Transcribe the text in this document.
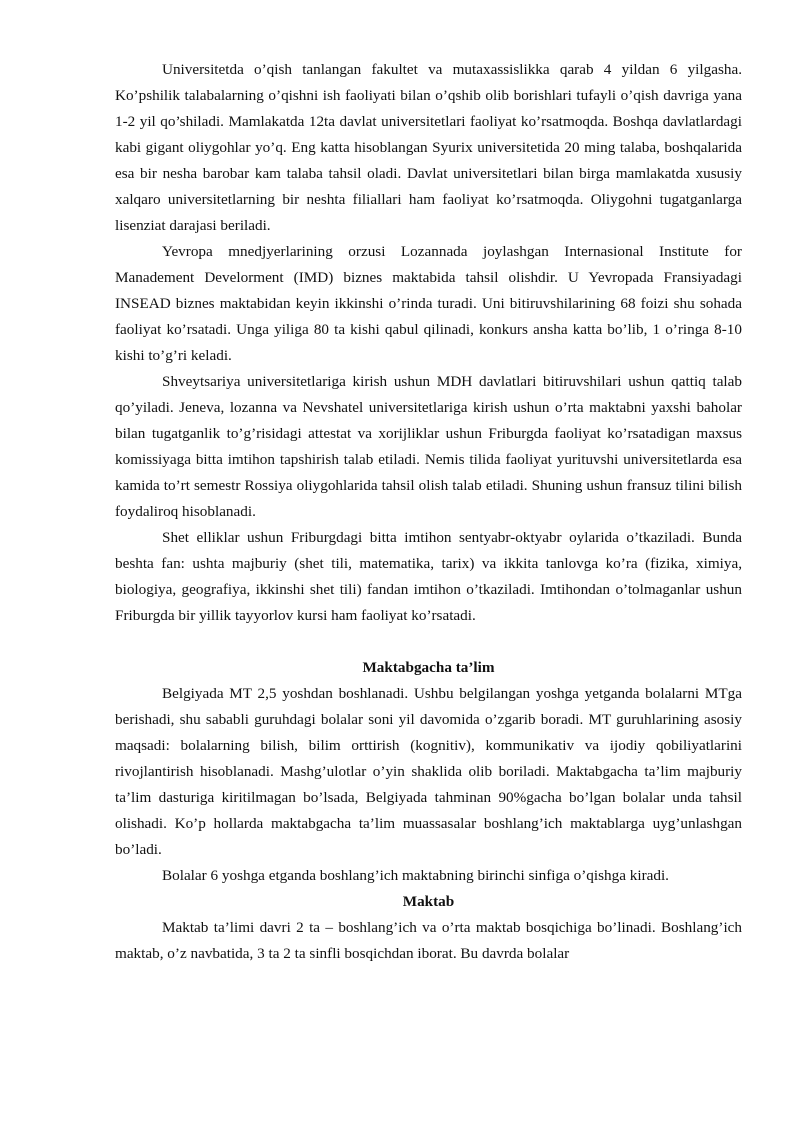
Universitetda o’qish tanlangan fakultet va mutaxassislikka qarab 4 yildan 6 yilgasha. Ko’pshilik talabalarning o’qishni ish faoliyati bilan o’qshib olib borishlari tufayli o’qish davriga yana 1-2 yil qo’shiladi. Mamlakatda 12ta davlat universitetlari faoliyat ko’rsatmoqda. Boshqa davlatlardagi kabi gigant oliygohlar yo’q. Eng katta hisoblangan Syurix universitetida 20 ming talaba, boshqalarida esa bir nesha barobar kam talaba tahsil oladi. Davlat universitetlari bilan birga mamlakatda xususiy xalqaro universitetlarning bir neshta filiallari ham faoliyat ko’rsatmoqda. Oliygohni tugatganlarga lisenziat darajasi beriladi.

Yevropa mnedjyerlarining orzusi Lozannada joylashgan Internasional Institute for Manadement Develorment (IMD) biznes maktabida tahsil olishdir. U Yevropada Fransiyadagi INSEAD biznes maktabidan keyin ikkinshi o’rinda turadi. Uni bitiruvshilarining 68 foizi shu sohada faoliyat ko’rsatadi. Unga yiliga 80 ta kishi qabul qilinadi, konkurs ansha katta bo’lib, 1 o’ringa 8-10 kishi to’g’ri keladi.

Shveytsariya universitetlariga kirish ushun MDH davlatlari bitiruvshilari ushun qattiq talab qo’yiladi. Jeneva, lozanna va Nevshatel universitetlariga kirish ushun o’rta maktabni yaxshi baholar bilan tugatganlik to’g’risidagi attestat va xorijliklar ushun Friburgda faoliyat ko’rsatadigan maxsus komissiyaga bitta imtihon tapshirish talab etiladi. Nemis tilida faoliyat yurituvshi universitetlarda esa kamida to’rt semestr Rossiya oliygohlarida tahsil olish talab etiladi. Shuning ushun fransuz tilini bilish foydaliroq hisoblanadi.

Shet elliklar ushun Friburgdagi bitta imtihon sentyabr-oktyabr oylarida o’tkaziladi. Bunda beshta fan: ushta majburiy (shet tili, matematika, tarix) va ikkita tanlovga ko’ra (fizika, ximiya, biologiya, geografiya, ikkinshi shet tili) fandan imtihon o’tkaziladi. Imtihondan o’tolmaganlar ushun Friburgda bir yillik tayyorlov kursi ham faoliyat ko’rsatadi.

Maktabgacha ta’lim

Belgiyada MT 2,5 yoshdan boshlanadi. Ushbu belgilangan yoshga yetganda bolalarni MTga berishadi, shu sababli guruhdagi bolalar soni yil davomida o’zgarib boradi. MT guruhlarining asosiy maqsadi: bolalarning bilish, bilim orttirish (kognitiv), kommunikativ va ijodiy qobiliyatlarini rivojlantirish hisoblanadi. Mashg’ulotlar o’yin shaklida olib boriladi. Maktabgacha ta’lim majburiy ta’lim dasturiga kiritilmagan bo’lsada, Belgiyada tahminan 90%gacha bo’lgan bolalar unda tahsil olishadi. Ko’p hollarda maktabgacha ta’lim muassasalar boshlang’ich maktablarga uyg’unlashgan bo’ladi.

Bolalar 6 yoshga etganda boshlang’ich maktabning birinchi sinfiga o’qishga kiradi.

Maktab

Maktab ta’limi davri 2 ta – boshlang’ich va o’rta maktab bosqichiga bo’linadi. Boshlang’ich maktab, o’z navbatida, 3 ta 2 ta sinfli bosqichdan iborat. Bu davrda bolalar
